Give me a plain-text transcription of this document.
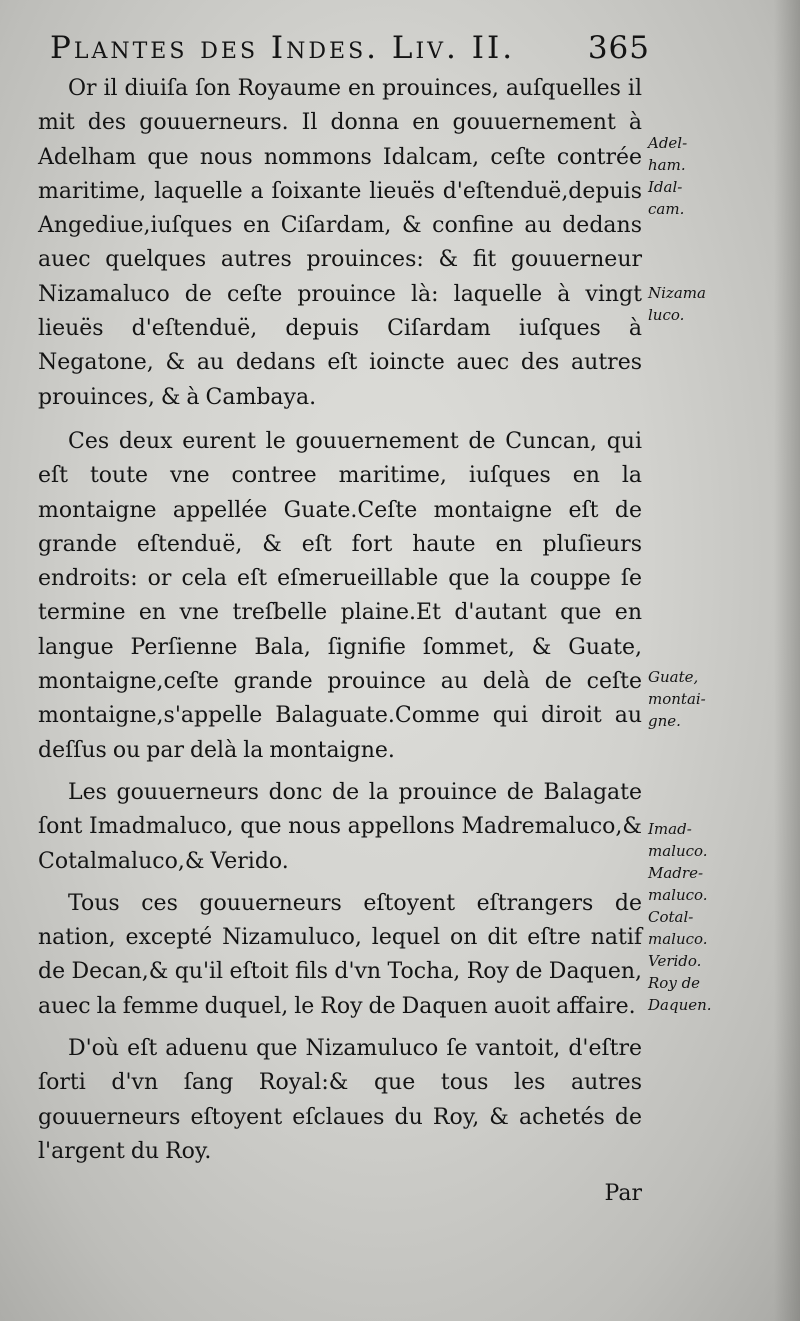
Plantes des Indes. Liv. II. 365

Or il diuiſa ſon Royaume en prouinces, auſquelles il mit des gouuerneurs. Il donna en gouuernement à Adelham que nous nommons Idalcam, ceſte contrée maritime, laquelle a ſoixante lieuës d'eſtenduë,depuis Angediue,iuſques en Ciſardam, & confine au dedans auec quelques autres prouinces: & fit gouuerneur Nizamaluco de ceſte prouince là: laquelle à vingt lieuës d'eſtenduë, depuis Ciſardam iuſques à Negatone, & au dedans eſt ioincte auec des autres prouinces, & à Cambaya.

Ces deux eurent le gouuernement de Cuncan, qui eſt toute vne contree maritime, iuſques en la montaigne appellée Guate.Ceſte montaigne eſt de grande eſtenduë, & eſt fort haute en pluſieurs endroits: or cela eſt eſmerueillable que la couppe ſe termine en vne treſbelle plaine.Et d'autant que en langue Perſienne Bala, ſignifie ſommet, & Guate, montaigne,ceſte grande prouince au delà de ceſte montaigne,s'appelle Balaguate.Comme qui diroit au deſſus ou par delà la montaigne.

Les gouuerneurs donc de la prouince de Balagate ſont Imadmaluco, que nous appellons Madremaluco,& Cotalmaluco,& Verido.

Tous ces gouuerneurs eſtoyent eſtrangers de nation, excepté Nizamuluco, lequel on dit eſtre natif de Decan,& qu'il eſtoit fils d'vn Tocha, Roy de Daquen, auec la femme duquel, le Roy de Daquen auoit affaire.

D'où eſt aduenu que Nizamuluco ſe vantoit, d'eſtre ſorti d'vn ſang Royal:& que tous les autres gouuerneurs eſtoyent eſclaues du Roy, & achetés de l'argent du Roy.

Par

Adel-
ham.
Idal-
cam.
Nizama
luco.
Guate,
montai-
gne.
Imad-
maluco.
Madre-
maluco.
Cotal-
maluco.
Verido.
Roy de
Daquen.
